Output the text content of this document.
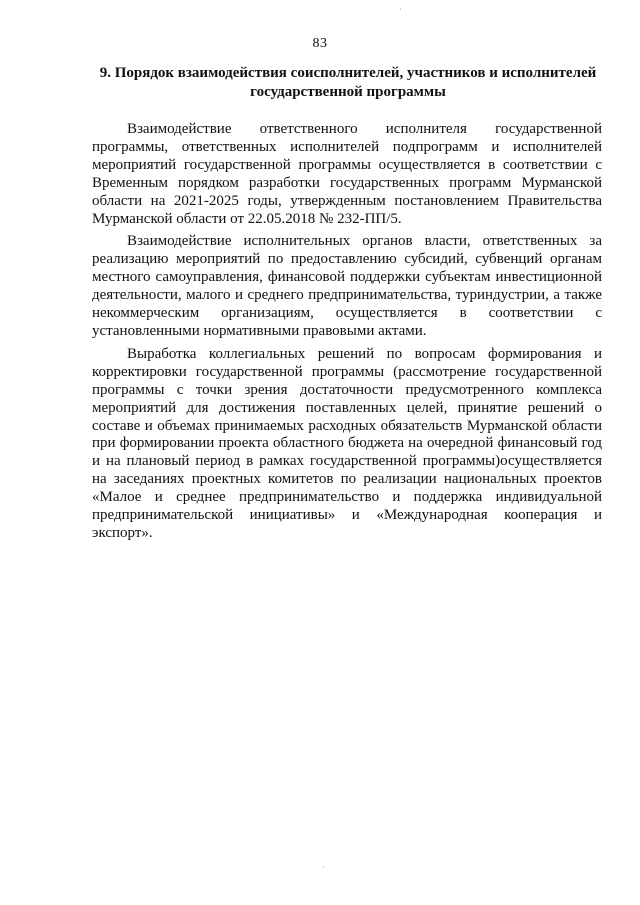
83
9. Порядок взаимодействия соисполнителей, участников и исполнителей государственной программы

Взаимодействие ответственного исполнителя государственной программы, ответственных исполнителей подпрограмм и исполнителей мероприятий государственной программы осуществляется в соответствии с Временным порядком разработки государственных программ Мурманской области на 2021-2025 годы, утвержденным постановлением Правительства Мурманской области от 22.05.2018 № 232-ПП/5.

Взаимодействие исполнительных органов власти, ответственных за реализацию мероприятий по предоставлению субсидий, субвенций органам местного самоуправления, финансовой поддержки субъектам инвестиционной деятельности, малого и среднего предпринимательства, туриндустрии, а также некоммерческим организациям, осуществляется в соответствии с установленными нормативными правовыми актами.

Выработка коллегиальных решений по вопросам формирования и корректировки государственной программы (рассмотрение государственной программы с точки зрения достаточности предусмотренного комплекса мероприятий для достижения поставленных целей, принятие решений о составе и объемах принимаемых расходных обязательств Мурманской области при формировании проекта областного бюджета на очередной финансовый год и на плановый период в рамках государственной программы)осуществляется на заседаниях проектных комитетов по реализации национальных проектов «Малое и среднее предпринимательство и поддержка индивидуальной предпринимательской инициативы» и «Международная кооперация и экспорт».
